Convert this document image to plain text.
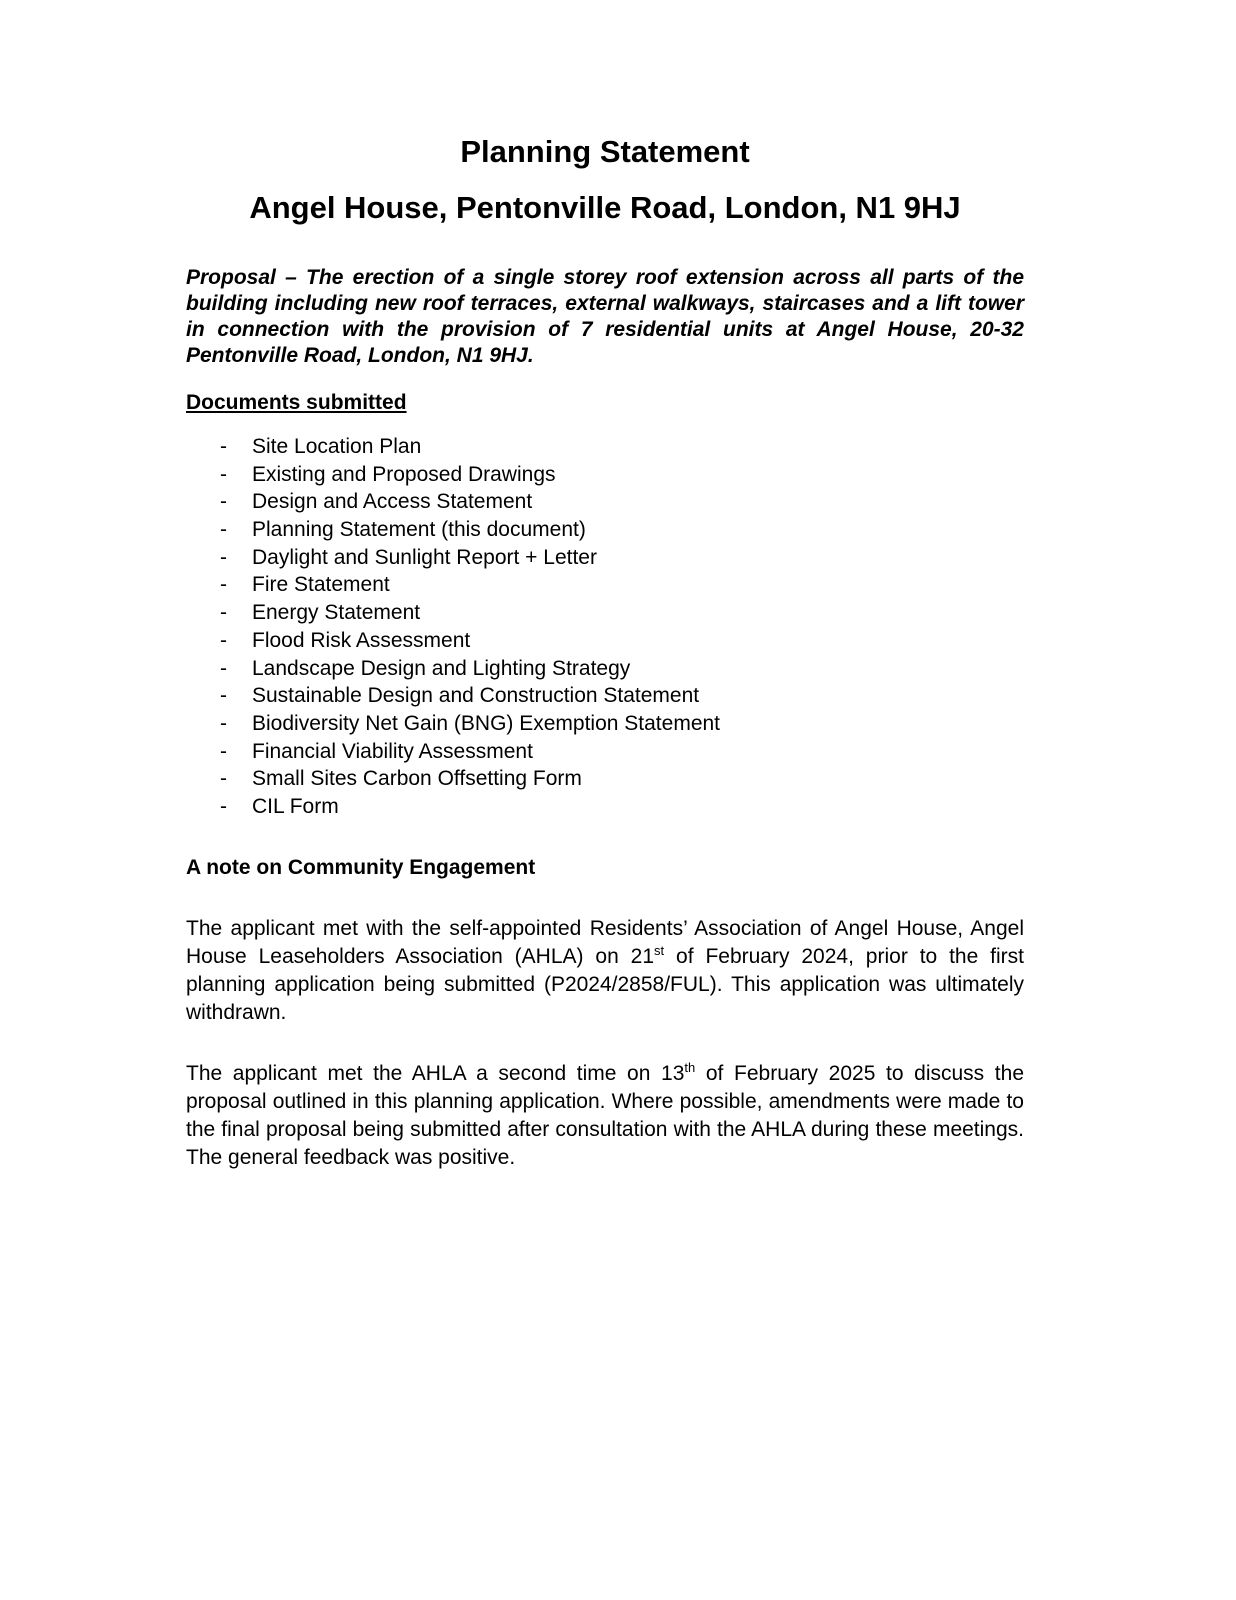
Planning Statement
Angel House, Pentonville Road, London, N1 9HJ

Proposal – The erection of a single storey roof extension across all parts of the building including new roof terraces, external walkways, staircases and a lift tower in connection with the provision of 7 residential units at Angel House, 20-32 Pentonville Road, London, N1 9HJ.

Documents submitted
- Site Location Plan
- Existing and Proposed Drawings
- Design and Access Statement
- Planning Statement (this document)
- Daylight and Sunlight Report + Letter
- Fire Statement
- Energy Statement
- Flood Risk Assessment
- Landscape Design and Lighting Strategy
- Sustainable Design and Construction Statement
- Biodiversity Net Gain (BNG) Exemption Statement
- Financial Viability Assessment
- Small Sites Carbon Offsetting Form
- CIL Form
A note on Community Engagement

The applicant met with the self-appointed Residents’ Association of Angel House, Angel House Leaseholders Association (AHLA) on 21st of February 2024, prior to the first planning application being submitted (P2024/2858/FUL). This application was ultimately withdrawn.

The applicant met the AHLA a second time on 13th of February 2025 to discuss the proposal outlined in this planning application. Where possible, amendments were made to the final proposal being submitted after consultation with the AHLA during these meetings. The general feedback was positive.
